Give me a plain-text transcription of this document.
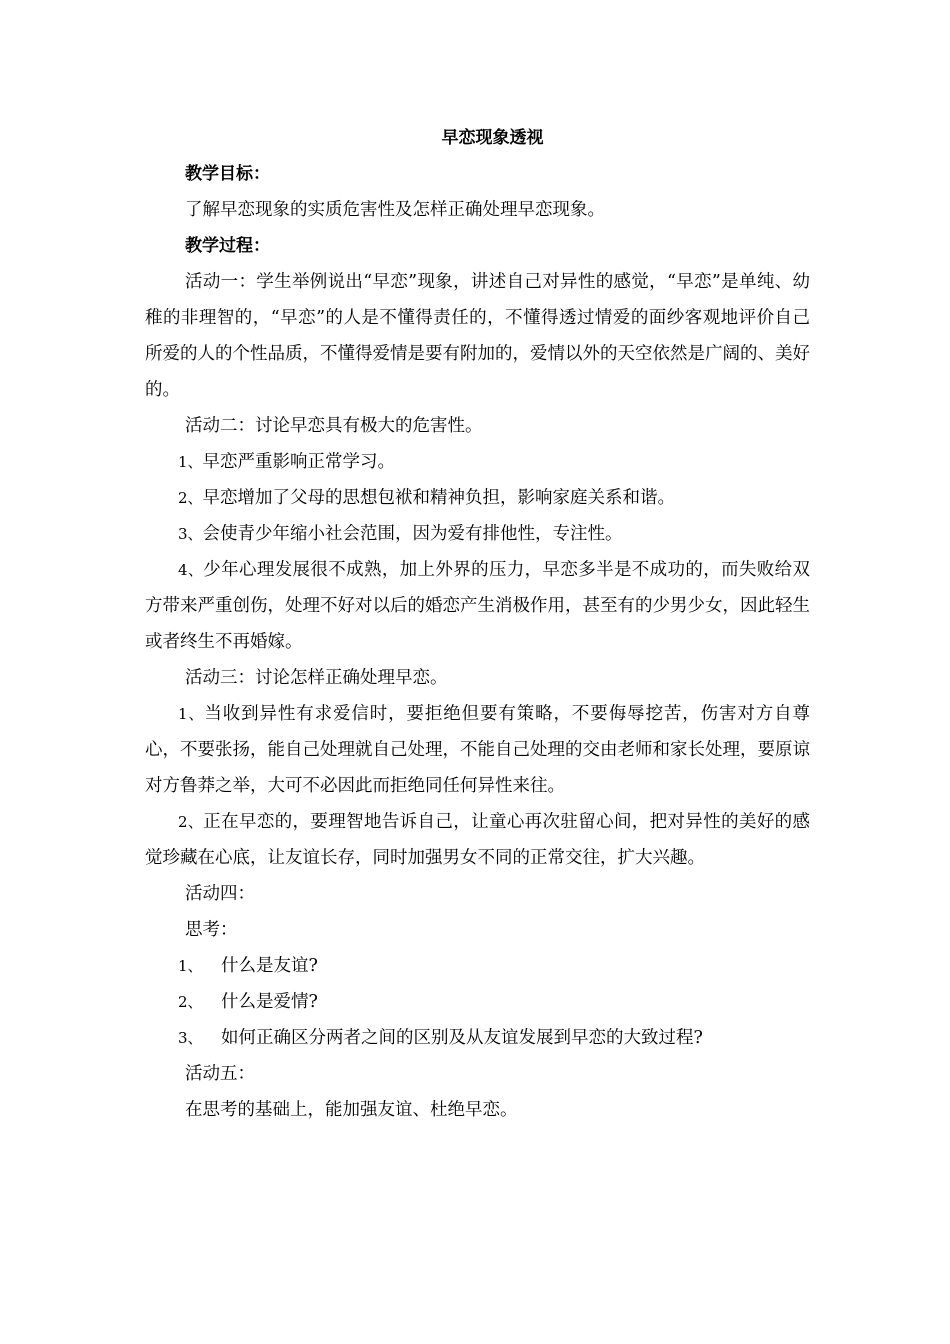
早恋现象透视

教学目标：

了解早恋现象的实质危害性及怎样正确处理早恋现象。

教学过程：

活动一：学生举例说出“早恋”现象，讲述自己对异性的感觉，“早恋”是单纯、幼稚的非理智的，“早恋”的人是不懂得责任的，不懂得透过情爱的面纱客观地评价自己所爱的人的个性品质，不懂得爱情是要有附加的，爱情以外的天空依然是广阔的、美好的。

活动二：讨论早恋具有极大的危害性。

1、早恋严重影响正常学习。

2、早恋增加了父母的思想包袱和精神负担，影响家庭关系和谐。

3、会使青少年缩小社会范围，因为爱有排他性，专注性。

4、少年心理发展很不成熟，加上外界的压力，早恋多半是不成功的，而失败给双方带来严重创伤，处理不好对以后的婚恋产生消极作用，甚至有的少男少女，因此轻生或者终生不再婚嫁。

活动三：讨论怎样正确处理早恋。

1、当收到异性有求爱信时，要拒绝但要有策略，不要侮辱挖苦，伤害对方自尊心，不要张扬，能自己处理就自己处理，不能自己处理的交由老师和家长处理，要原谅对方鲁莽之举，大可不必因此而拒绝同任何异性来往。

2、正在早恋的，要理智地告诉自己，让童心再次驻留心间，把对异性的美好的感觉珍藏在心底，让友谊长存，同时加强男女不同的正常交往，扩大兴趣。

活动四：

思考：

1、	什么是友谊?

2、	什么是爱情?

3、	如何正确区分两者之间的区别及从友谊发展到早恋的大致过程?

活动五：

在思考的基础上，能加强友谊、杜绝早恋。
